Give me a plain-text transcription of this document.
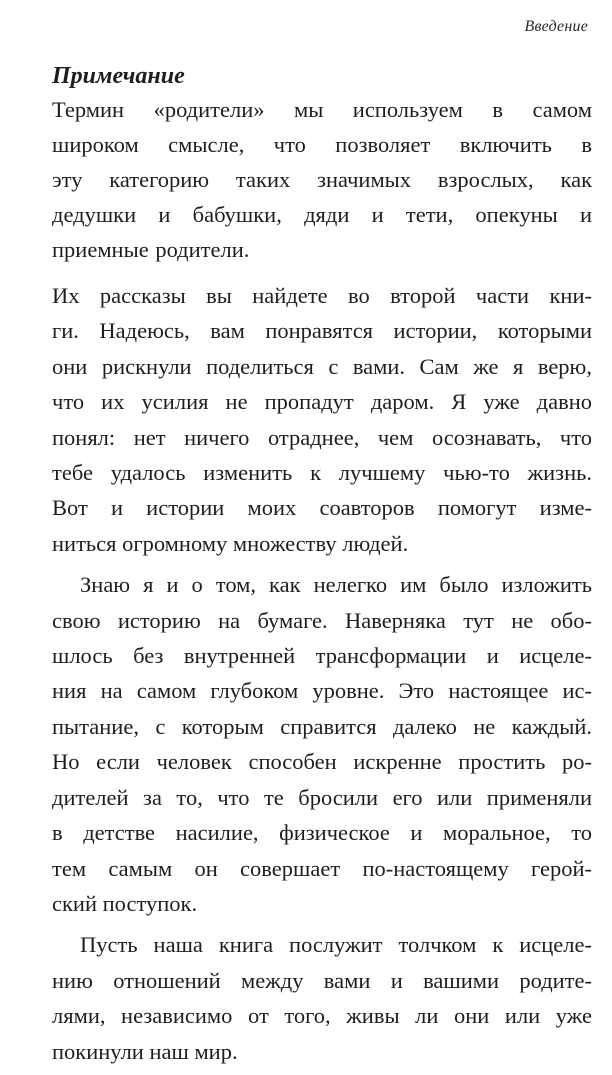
Введение
Примечание

Термин «родители» мы используем в самом
широком смысле, что позволяет включить в
эту категорию таких значимых взрослых, как
дедушки и бабушки, дяди и тети, опекуны и
приемные родители.

Их рассказы вы найдете во второй части кни-
ги. Надеюсь, вам понравятся истории, которыми
они рискнули поделиться с вами. Сам же я верю,
что их усилия не пропадут даром. Я уже давно
понял: нет ничего отраднее, чем осознавать, что
тебе удалось изменить к лучшему чью-то жизнь.
Вот и истории моих соавторов помогут изме-
ниться огромному множеству людей.

Знаю я и о том, как нелегко им было изложить
свою историю на бумаге. Наверняка тут не обо-
шлось без внутренней трансформации и исцеле-
ния на самом глубоком уровне. Это настоящее ис-
пытание, с которым справится далеко не каждый.
Но если человек способен искренне простить ро-
дителей за то, что те бросили его или применяли
в детстве насилие, физическое и моральное, то
тем самым он совершает по-настоящему герой-
ский поступок.

Пусть наша книга послужит толчком к исцеле-
нию отношений между вами и вашими родите-
лями, независимо от того, живы ли они или уже
покинули наш мир.
